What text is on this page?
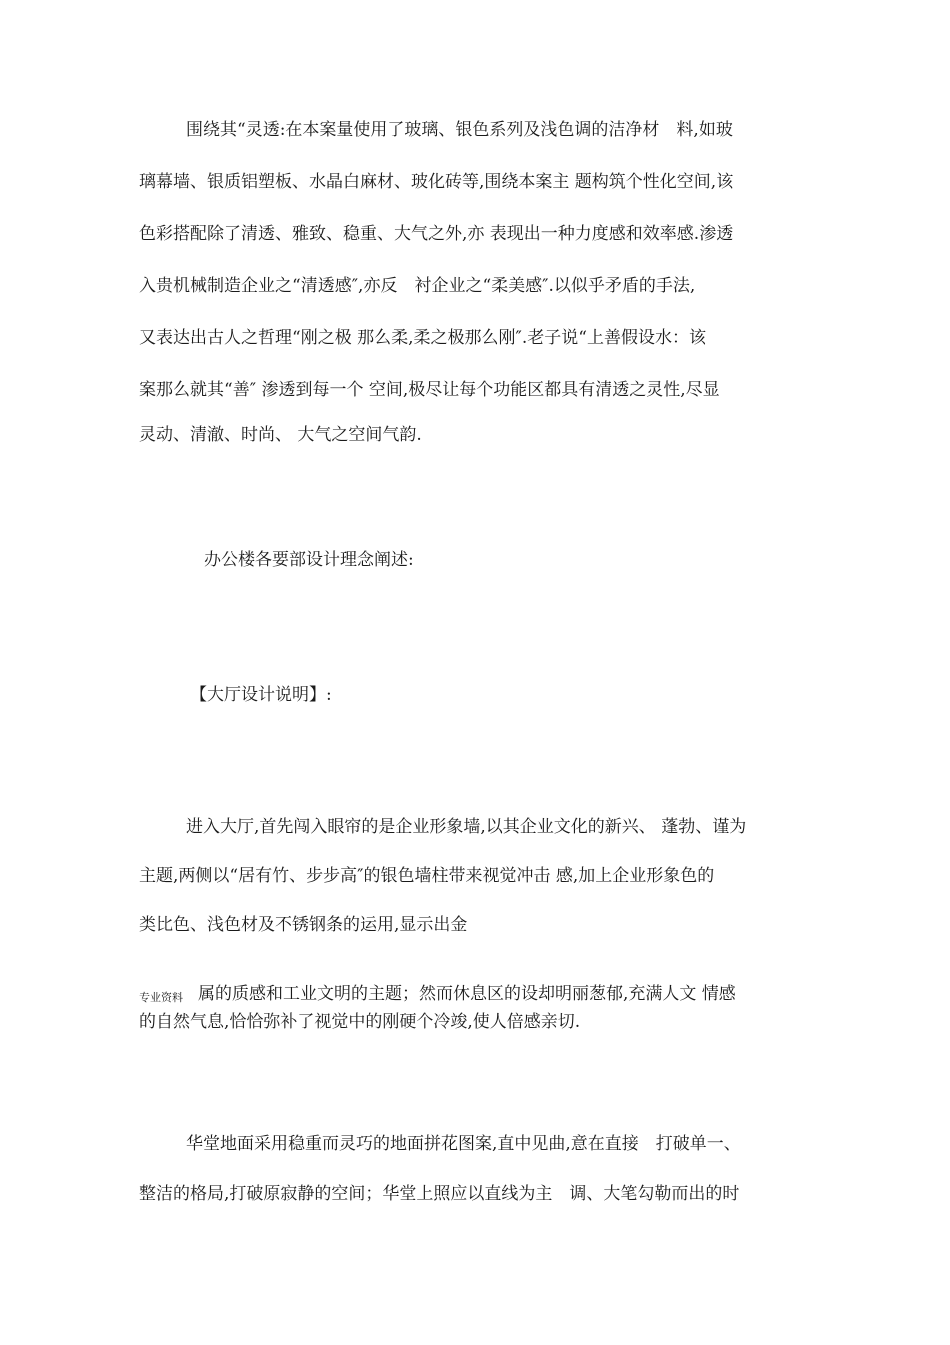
围绕其“灵透:在本案量使用了玻璃、银色系列及浅色调的洁净材　料,如玻
璃幕墙、银质铝塑板、水晶白麻材、玻化砖等,围绕本案主 题构筑个性化空间,该
色彩搭配除了清透、雅致、稳重、大气之外,亦 表现出一种力度感和效率感.渗透
入贵机械制造企业之“清透感″,亦反　衬企业之“柔美感″.以似乎矛盾的手法,
又表达出古人之哲理“刚之极 那么柔,柔之极那么刚″.老子说“上善假设水：该
案那么就其“善″ 渗透到每一个 空间,极尽让每个功能区都具有清透之灵性,尽显
灵动、清澈、时尚、 大气之空间气韵.
办公楼各要部设计理念阐述:
【大厅设计说明】:
进入大厅,首先闯入眼帘的是企业形象墙,以其企业文化的新兴、 蓬勃、谨为
主题,两侧以“居有竹、步步高″的银色墙柱带来视觉冲击 感,加上企业形象色的
类比色、浅色材及不锈钢条的运用,显示出金
专业资料 属的质感和工业文明的主题；然而休息区的设却明丽葱郁,充满人文 情感
的自然气息,恰恰弥补了视觉中的刚硬个冷竣,使人倍感亲切.
华堂地面采用稳重而灵巧的地面拼花图案,直中见曲,意在直接　打破单一、
整洁的格局,打破原寂静的空间；华堂上照应以直线为主　调、大笔勾勒而出的时
